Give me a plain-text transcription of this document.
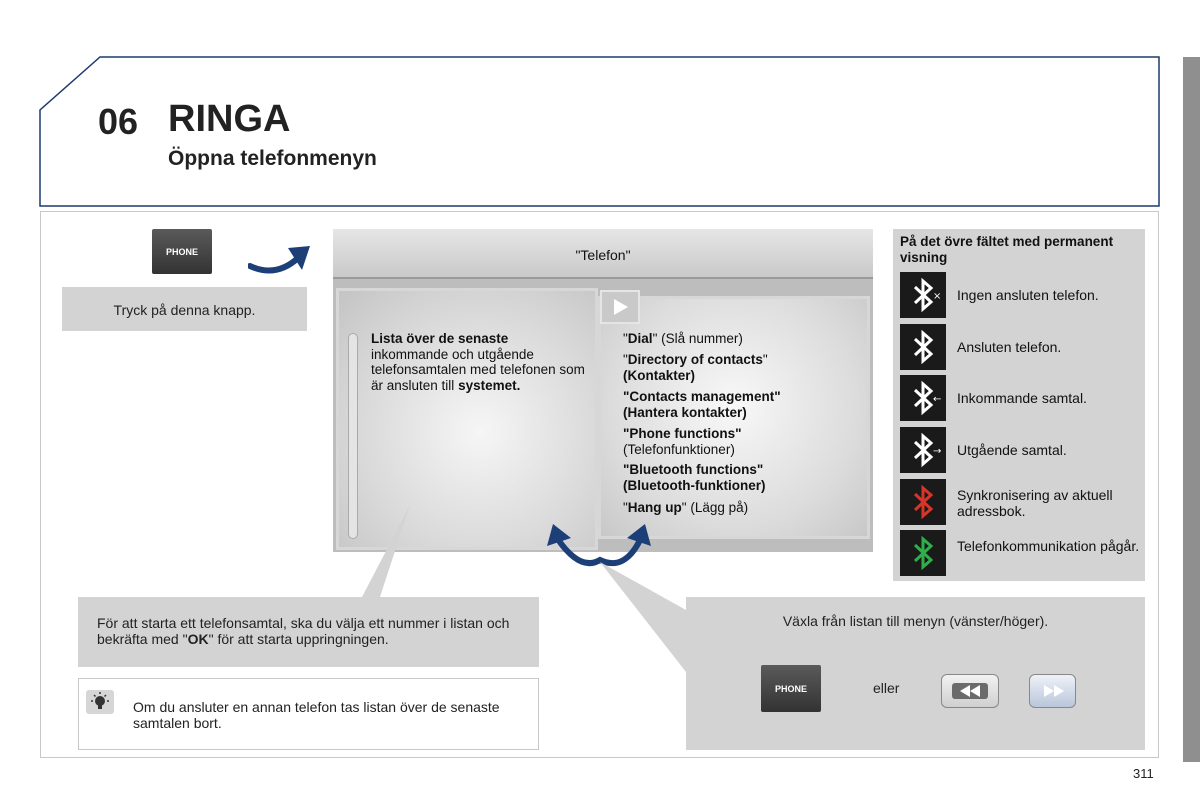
06 RINGA
Öppna telefonmenyn
PHONE
Tryck på denna knapp.
"Telefon"
Lista över de senaste inkommande och utgående telefonsamtalen med telefonen som är ansluten till systemet.
"Dial" (Slå nummer)
"Directory of contacts"
(Kontakter)
"Contacts management"
(Hantera kontakter)
"Phone functions"
(Telefonfunktioner)
"Bluetooth functions"
(Bluetooth-funktioner)
"Hang up" (Lägg på)
På det övre fältet med permanent visning
× Ingen ansluten telefon.
Ansluten telefon.
← Inkommande samtal.
→ Utgående samtal.
Synkronisering av aktuell adressbok.
Telefonkommunikation pågår.
För att starta ett telefonsamtal, ska du välja ett nummer i listan och bekräfta med "OK" för att starta uppringningen.
Om du ansluter en annan telefon tas listan över de senaste samtalen bort.
Växla från listan till menyn (vänster/höger).
PHONE	eller
311
